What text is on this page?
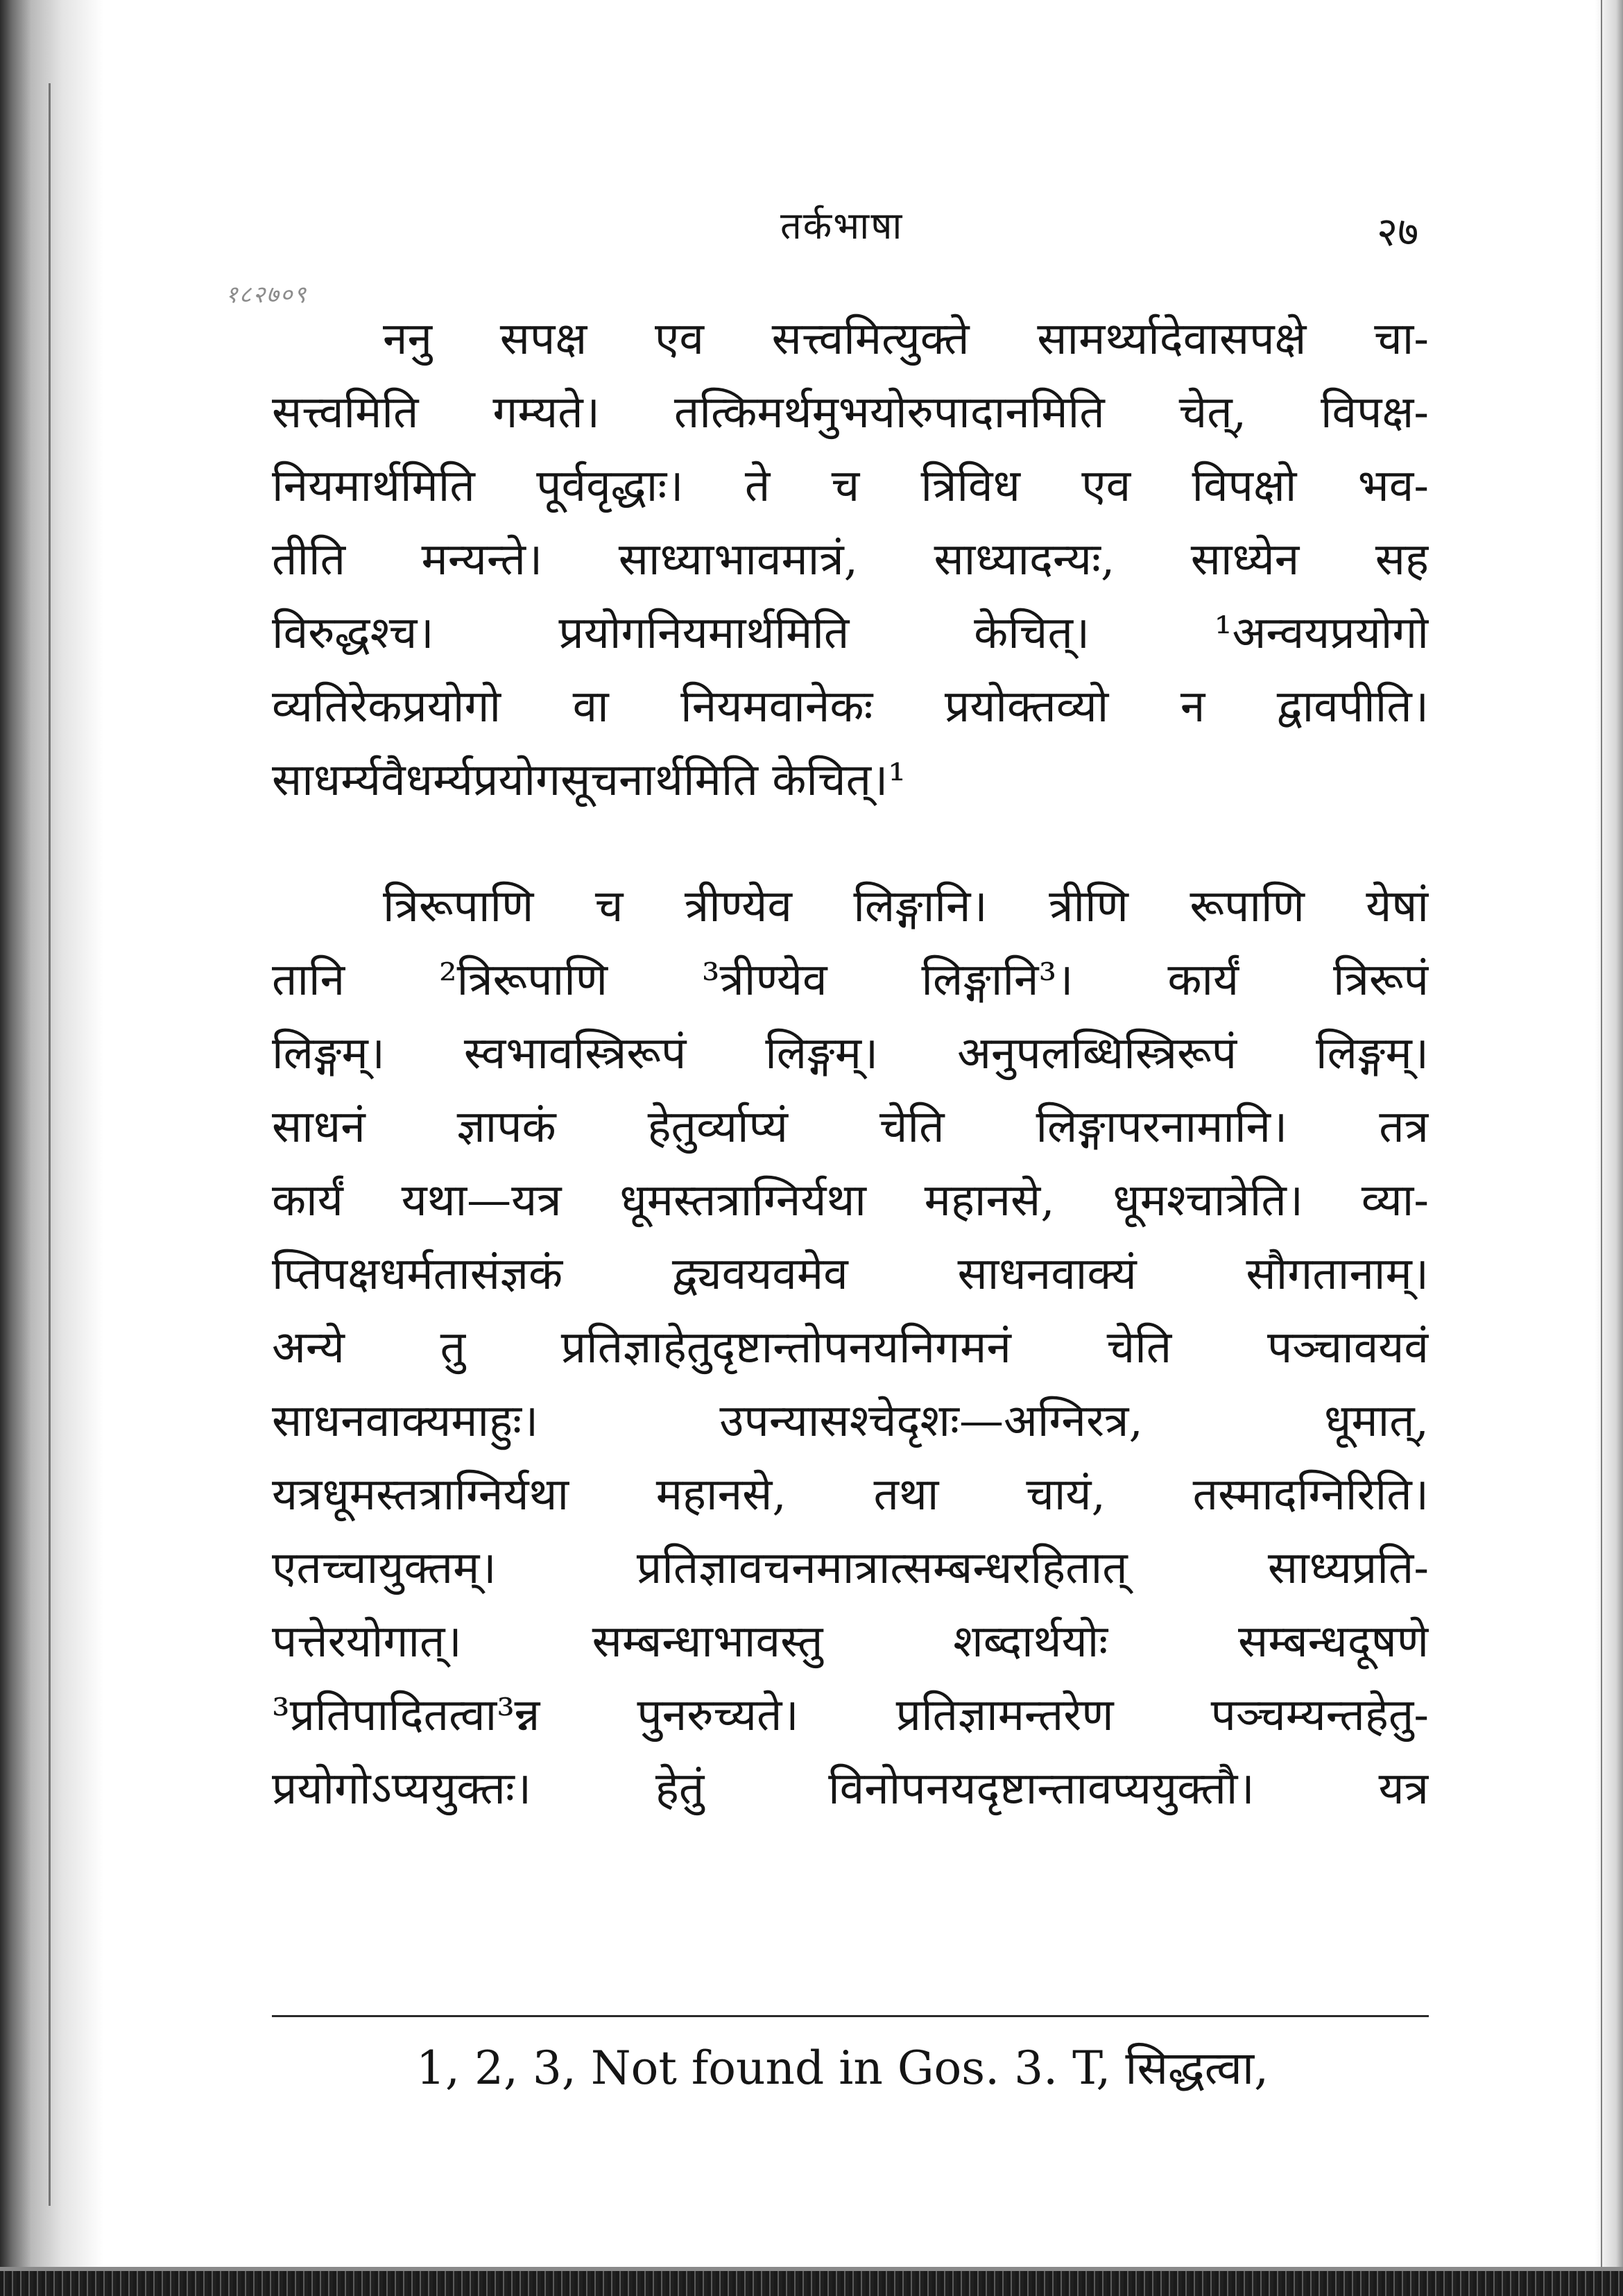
तर्कभाषा	२७
१८२७०९
ननु सपक्ष एव सत्त्वमित्युक्ते सामर्थ्यादेवासपक्षे चा-
सत्त्वमिति गम्यते। तत्किमर्थमुभयोरुपादानमिति चेत्, विपक्ष-
नियमार्थमिति पूर्ववृद्धाः। ते च त्रिविध एव विपक्षो भव-
तीति मन्यन्ते। साध्याभावमात्रं, साध्यादन्यः, साध्येन सह
विरुद्धश्च। प्रयोगनियमार्थमिति केचित्। ¹अन्वयप्रयोगो
व्यतिरेकप्रयोगो वा नियमवानेकः प्रयोक्तव्यो न द्वावपीति।
साधर्म्यवैधर्म्यप्रयोगसूचनार्थमिति केचित्।¹
त्रिरूपाणि च त्रीण्येव लिङ्गानि। त्रीणि रूपाणि येषां
तानि ²त्रिरूपाणि ³त्रीण्येव लिङ्गानि³। कार्यं त्रिरूपं
लिङ्गम्। स्वभावस्त्रिरूपं लिङ्गम्। अनुपलब्धिस्त्रिरूपं लिङ्गम्।
साधनं ज्ञापकं हेतुर्व्याप्यं चेति लिङ्गापरनामानि। तत्र
कार्यं यथा—यत्र धूमस्तत्राग्निर्यथा महानसे, धूमश्चात्रेति। व्या-
प्तिपक्षधर्मतासंज्ञकं द्व्यवयवमेव साधनवाक्यं सौगतानाम्।
अन्ये तु प्रतिज्ञाहेतुदृष्टान्तोपनयनिगमनं चेति पञ्चावयवं
साधनवाक्यमाहुः। उपन्यासश्चेदृशः—अग्निरत्र, धूमात्,
यत्रधूमस्तत्राग्निर्यथा महानसे, तथा चायं, तस्मादग्निरिति।
एतच्चायुक्तम्। प्रतिज्ञावचनमात्रात्सम्बन्धरहितात् साध्यप्रति-
पत्तेरयोगात्। सम्बन्धाभावस्तु शब्दार्थयोः सम्बन्धदूषणे
³प्रतिपादितत्वा³न्न पुनरुच्यते। प्रतिज्ञामन्तरेण पञ्चम्यन्तहेतु-
प्रयोगोऽप्ययुक्तः। हेतुं विनोपनयदृष्टान्तावप्ययुक्तौ। यत्र
1, 2, 3, Not found in Gos. 3. T, सिद्धत्वा,
